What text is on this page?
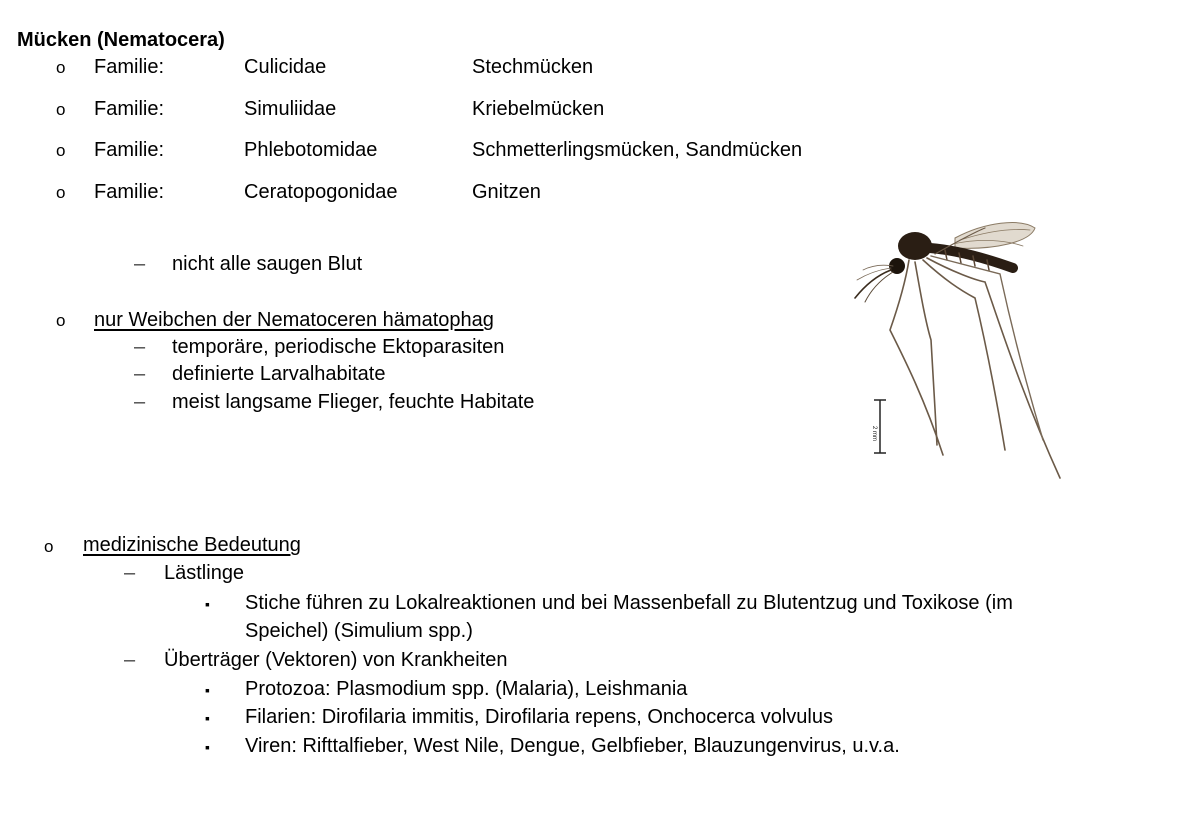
Mücken (Nematocera)
o Familie:	Culicidae	Stechmücken
o Familie:	Simuliidae	Kriebelmücken
o Familie:	Phlebotomidae	Schmetterlingsmücken, Sandmücken
o Familie:	Ceratopogonidae	Gnitzen
– nicht alle saugen Blut
o nur Weibchen der Nematoceren hämatophag
– temporäre, periodische Ektoparasiten
– definierte Larvalhabitate
– meist langsame Flieger, feuchte Habitate
2 mm
o medizinische Bedeutung
– Lästlinge
▪ Stiche führen zu Lokalreaktionen und bei Massenbefall zu Blutentzug und Toxikose (im
Speichel) (Simulium spp.)
– Überträger (Vektoren) von Krankheiten
▪ Protozoa: Plasmodium spp. (Malaria), Leishmania
▪ Filarien: Dirofilaria immitis, Dirofilaria repens, Onchocerca volvulus
▪ Viren: Rifttalfieber, West Nile, Dengue, Gelbfieber, Blauzungenvirus, u.v.a.
